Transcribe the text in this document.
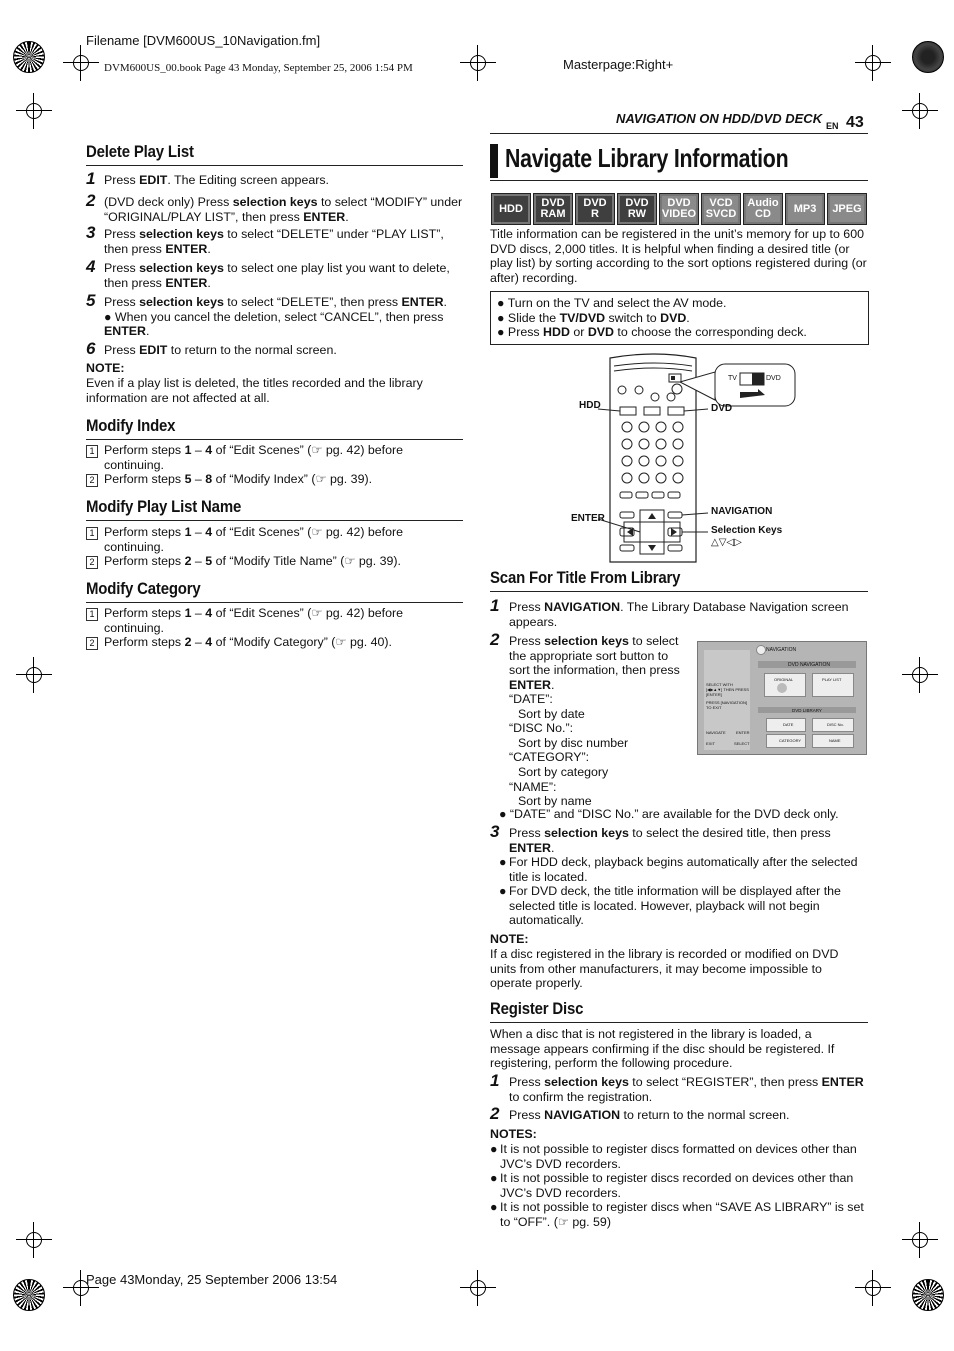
Filename [DVM600US_10Navigation.fm]
DVM600US_00.book Page 43 Monday, September 25, 2006 1:54 PM	Masterpage:Right+
NAVIGATION ON HDD/DVD DECK EN 43
Delete Play List
NOTE:
Even if a play list is deleted, the titles recorded and the library information are not affected at all.
Modify Index
Modify Play List Name
Modify Category
Navigate Library Information
Title information can be registered in the unit’s memory for up to 600 DVD discs, 2,000 titles. It is helpful when finding a desired title (or play list) by sorting according to the sort options registered during (or after) recording.
HDD	DVD
ENTER
NAVIGATION
Selection Keys
△▽◁▷
TV	DVD
Scan For Title From Library
1 Press NAVIGATION. The Library Database Navigation screen appears.
2 Press selection keys to select the appropriate sort button to sort the information, then press ENTER.
● “DATE” and “DISC No.” are available for the DVD deck only.
NAVIGATION
SELECT WITH [◀▶▲▼] THEN PRESS [ENTER]
PRESS [NAVIGATION] TO EXIT
DVD NAVIGATION
ORIGINAL	PLAY LIST
DVD LIBRARY
DATE	DISC No.
CATEGORY	NAME
NAVIGATE	ENTER
EXIT	SELECT
3 Press selection keys to select the desired title, then press ENTER.
● For HDD deck, playback begins automatically after the selected title is located.
● For DVD deck, the title information will be displayed after the selected title is located. However, playback will not begin automatically.
NOTE:
If a disc registered in the library is recorded or modified on DVD units from other manufacturers, it may become impossible to operate properly.
Register Disc
When a disc that is not registered in the library is loaded, a message appears confirming if the disc should be registered. If registering, perform the following procedure.
1 Press selection keys to select “REGISTER”, then press ENTER to confirm the registration.
2 Press NAVIGATION to return to the normal screen.
NOTES:
Page 43Monday, 25 September 2006 13:54
1 Press EDIT. The Editing screen appears.
2 (DVD deck only) Press selection keys to select “MODIFY” under “ORIGINAL/PLAY LIST”, then press ENTER.
3 Press selection keys to select “DELETE” under “PLAY LIST”, then press ENTER.
4 Press selection keys to select one play list you want to delete, then press ENTER.
5 Press selection keys to select “DELETE”, then press ENTER.
● When you cancel the deletion, select “CANCEL”, then press ENTER.
6 Press EDIT to return to the normal screen.
1 Perform steps 1 – 4 of “Edit Scenes” (☞ pg. 42) before continuing.
2 Perform steps 5 – 8 of “Modify Index” (☞ pg. 39).
1 Perform steps 1 – 4 of “Edit Scenes” (☞ pg. 42) before continuing.
2 Perform steps 2 – 5 of “Modify Title Name” (☞ pg. 39).
1 Perform steps 1 – 4 of “Edit Scenes” (☞ pg. 42) before continuing.
2 Perform steps 2 – 4 of “Modify Category” (☞ pg. 40).
HDD DVD
RAM
DVD
R
DVD
RW
DVD
VIDEO
VCD
SVCD
Audio
CD	MP3 JPEG
● Turn on the TV and select the AV mode.
● Slide the TV/DVD switch to DVD.
● Press HDD or DVD to choose the corresponding deck.
“DATE”:
Sort by date
“DISC No.”:
Sort by disc number
“CATEGORY”:
Sort by category
“NAME”:
Sort by name
● It is not possible to register discs formatted on devices other than JVC’s DVD recorders.
● It is not possible to register discs recorded on devices other than JVC’s DVD recorders.
● It is not possible to register discs when “SAVE AS LIBRARY” is set to “OFF”. (☞ pg. 59)
